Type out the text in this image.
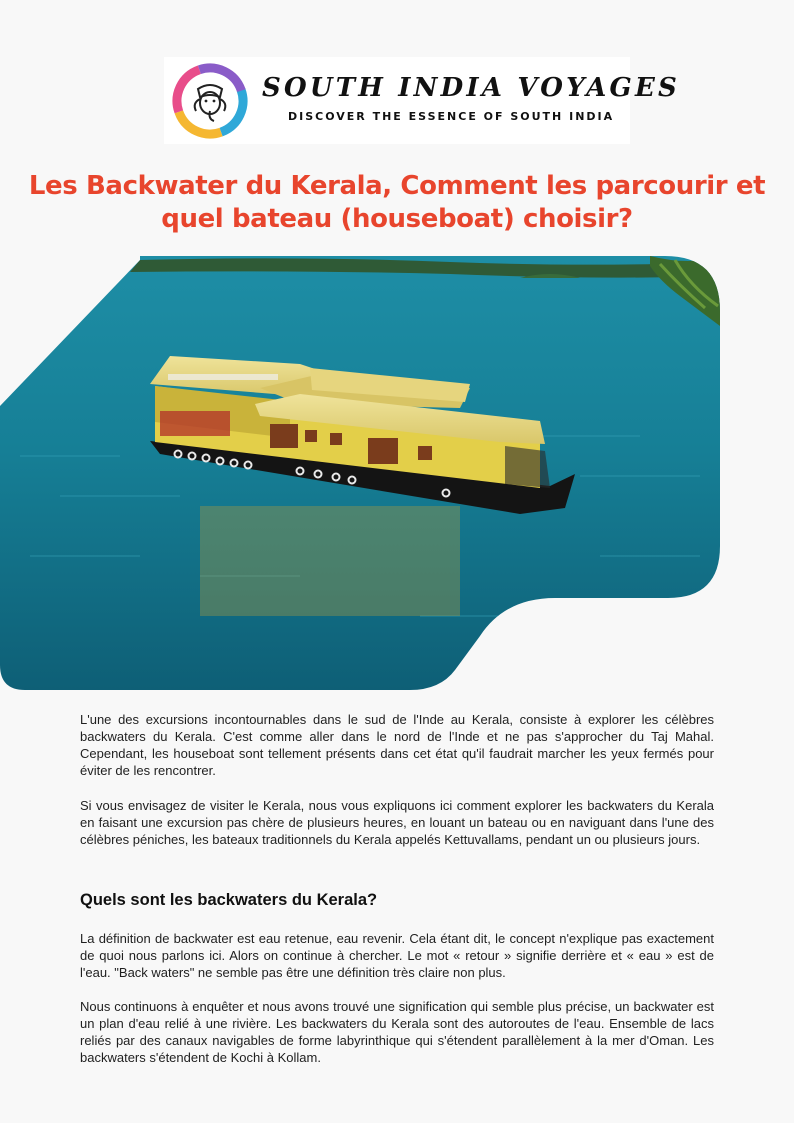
SOUTH INDIA VOYAGES
DISCOVER THE ESSENCE OF SOUTH INDIA
Les Backwater du Kerala, Comment les parcourir et quel bateau (houseboat) choisir?

L'une des excursions incontournables dans le sud de l'Inde au Kerala, consiste à explorer les célèbres backwaters du Kerala. C'est comme aller dans le nord de l'Inde et ne pas s'approcher du Taj Mahal. Cependant, les houseboat sont tellement présents dans cet état qu'il faudrait marcher les yeux fermés pour éviter de les rencontrer.

Si vous envisagez de visiter le Kerala, nous vous expliquons ici comment explorer les backwaters du Kerala en faisant une excursion pas chère de plusieurs heures, en louant un bateau ou en naviguant dans l'une des célèbres péniches, les bateaux traditionnels du Kerala appelés Kettuvallams, pendant un ou plusieurs jours.

Quels sont les backwaters du Kerala?

La définition de backwater est eau retenue, eau revenir. Cela étant dit, le concept n'explique pas exactement de quoi nous parlons ici. Alors on continue à chercher. Le mot « retour » signifie derrière et « eau » est de l'eau. "Back waters" ne semble pas être une définition très claire non plus.

Nous continuons à enquêter et nous avons trouvé une signification qui semble plus précise, un backwater est un plan d'eau relié à une rivière. Les backwaters du Kerala sont des autoroutes de l'eau. Ensemble de lacs reliés par des canaux navigables de forme labyrinthique qui s'étendent parallèlement à la mer d'Oman. Les backwaters s'étendent de Kochi à Kollam.
